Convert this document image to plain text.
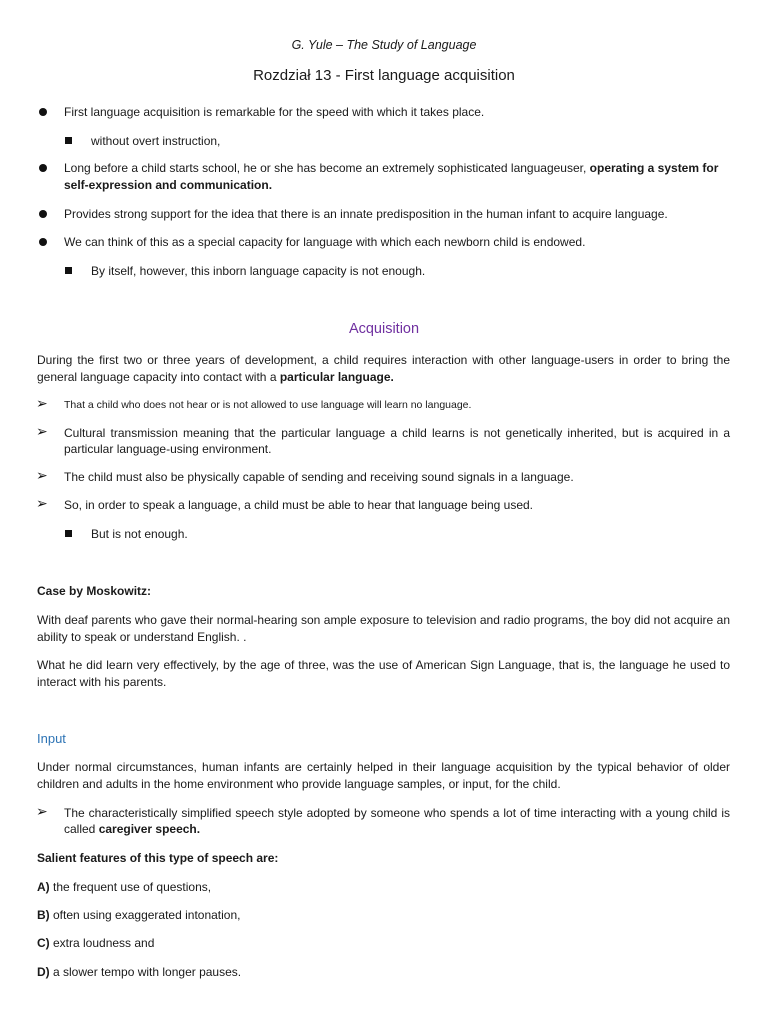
G. Yule – The Study of Language
Rozdział 13 - First language acquisition
First language acquisition is remarkable for the speed with which it takes place.
without overt instruction,
Long before a child starts school, he or she has become an extremely sophisticated languageuser, operating a system for self-expression and communication.
Provides strong support for the idea that there is an innate predisposition in the human infant to acquire language.
We can think of this as a special capacity for language with which each newborn child is endowed.
By itself, however, this inborn language capacity is not enough.
Acquisition
During the first two or three years of development, a child requires interaction with other language-users in order to bring the general language capacity into contact with a particular language.
➢ That a child who does not hear or is not allowed to use language will learn no language.
➢ Cultural transmission meaning that the particular language a child learns is not genetically inherited, but is acquired in a particular language-using environment.
➢ The child must also be physically capable of sending and receiving sound signals in a language.
➢ So, in order to speak a language, a child must be able to hear that language being used.
But is not enough.
Case by Moskowitz:
With deaf parents who gave their normal-hearing son ample exposure to television and radio programs, the boy did not acquire an ability to speak or understand English. .
What he did learn very effectively, by the age of three, was the use of American Sign Language, that is, the language he used to interact with his parents.
Input
Under normal circumstances, human infants are certainly helped in their language acquisition by the typical behavior of older children and adults in the home environment who provide language samples, or input, for the child.
➢ The characteristically simplified speech style adopted by someone who spends a lot of time interacting with a young child is called caregiver speech.
Salient features of this type of speech are:
A) the frequent use of questions,
B) often using exaggerated intonation,
C) extra loudness and
D) a slower tempo with longer pauses.
